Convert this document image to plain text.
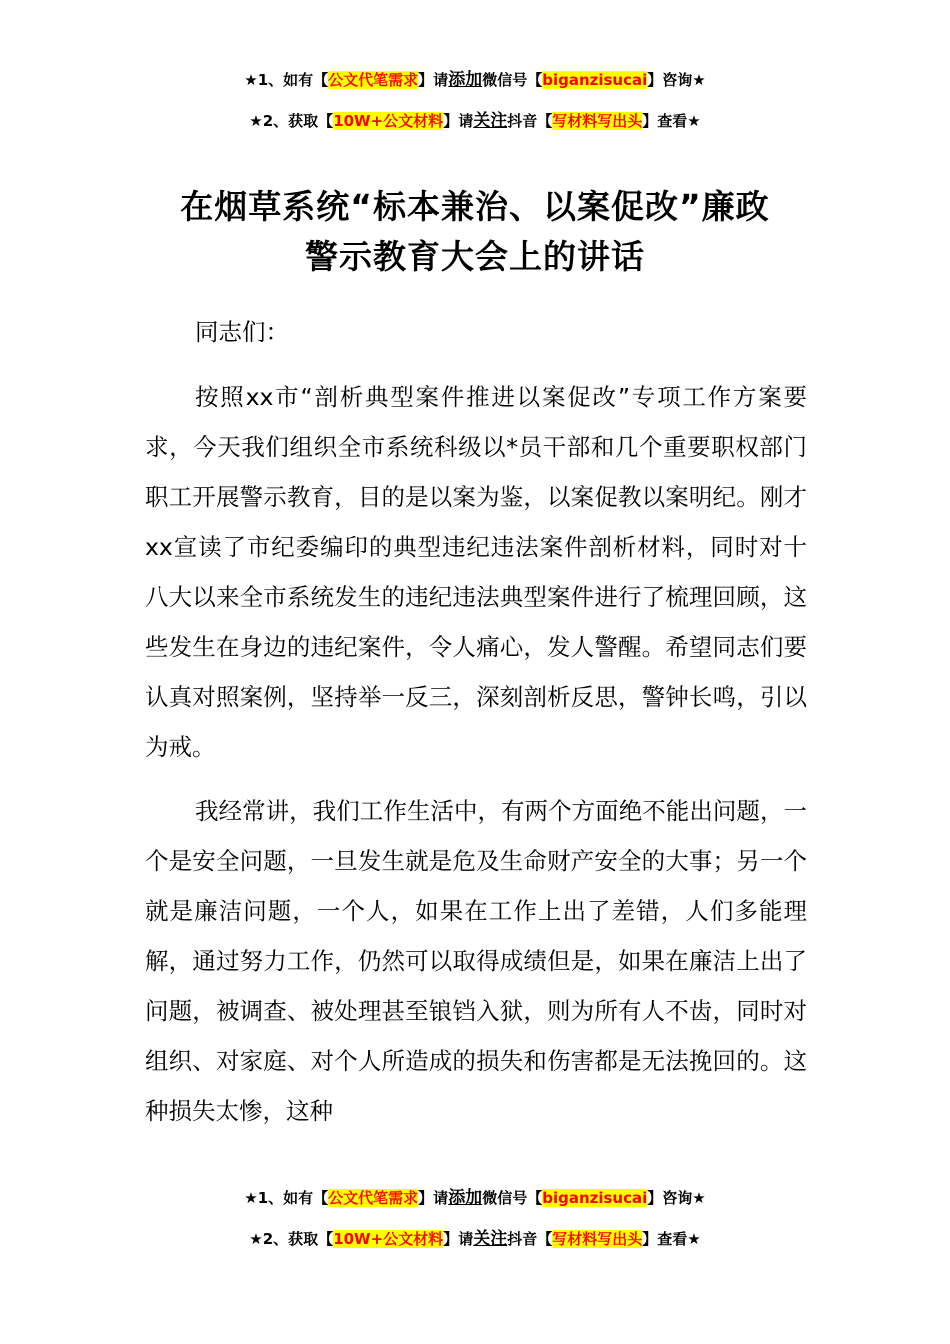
★1、如有【公文代笔需求】请添加微信号【biganzisucai】咨询★
★2、获取【10W+公文材料】请关注抖音【写材料写出头】查看★
在烟草系统“标本兼治、以案促改”廉政
警示教育大会上的讲话

同志们：

按照xx市“剖析典型案件推进以案促改”专项工作方案要求，今天我们组织全市系统科级以*员干部和几个重要职权部门职工开展警示教育，目的是以案为鉴，以案促教以案明纪。刚才xx宣读了市纪委编印的典型违纪违法案件剖析材料，同时对十八大以来全市系统发生的违纪违法典型案件进行了梳理回顾，这些发生在身边的违纪案件，令人痛心，发人警醒。希望同志们要认真对照案例，坚持举一反三，深刻剖析反思，警钟长鸣，引以为戒。

我经常讲，我们工作生活中，有两个方面绝不能出问题，一个是安全问题，一旦发生就是危及生命财产安全的大事；另一个就是廉洁问题，一个人，如果在工作上出了差错，人们多能理解，通过努力工作，仍然可以取得成绩但是，如果在廉洁上出了问题，被调查、被处理甚至锒铛入狱，则为所有人不齿，同时对组织、对家庭、对个人所造成的损失和伤害都是无法挽回的。这种损失太惨，这种

★1、如有【公文代笔需求】请添加微信号【biganzisucai】咨询★
★2、获取【10W+公文材料】请关注抖音【写材料写出头】查看★
